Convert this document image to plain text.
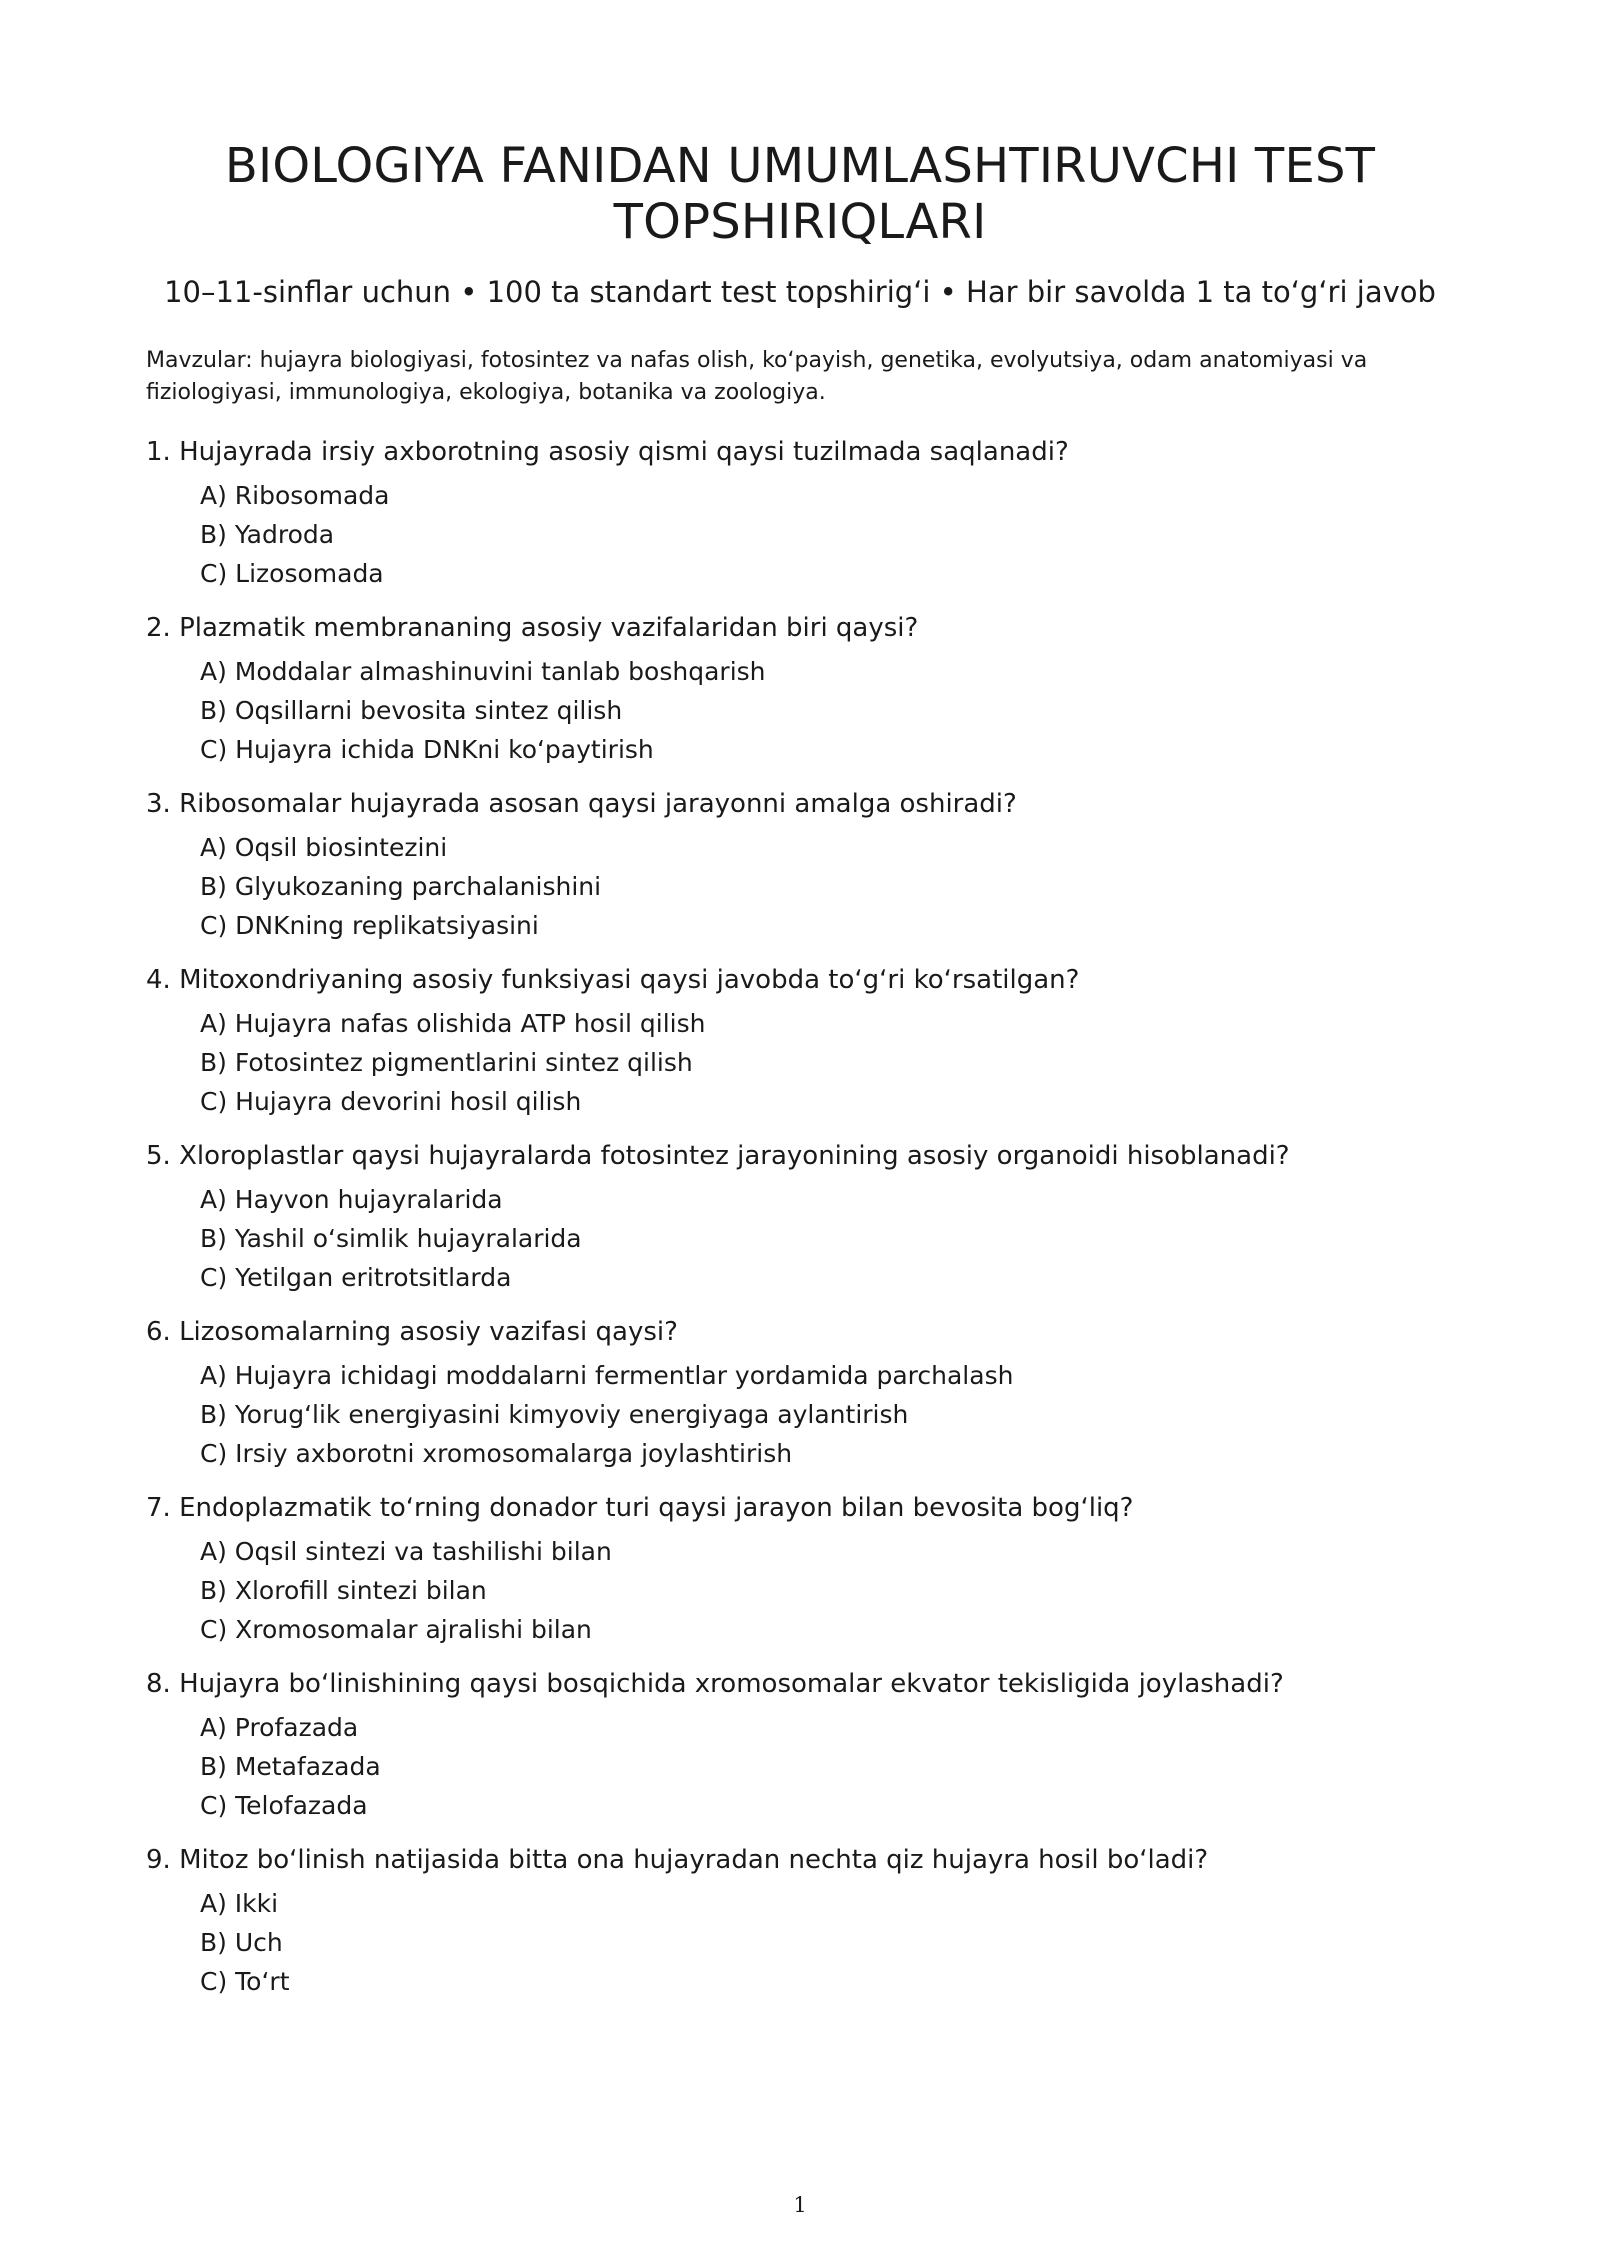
BIOLOGIYA FANIDAN UMUMLASHTIRUVCHI TEST TOPSHIRIQLARI

10–11-sinflar uchun • 100 ta standart test topshirigʻi • Har bir savolda 1 ta toʻgʻri javob

Mavzular: hujayra biologiyasi, fotosintez va nafas olish, koʻpayish, genetika, evolyutsiya, odam anatomiyasi va fiziologiyasi, immunologiya, ekologiya, botanika va zoologiya.

1. Hujayrada irsiy axborotning asosiy qismi qaysi tuzilmada saqlanadi?
A) Ribosomada
B) Yadroda
C) Lizosomada
2. Plazmatik membrananing asosiy vazifalaridan biri qaysi?
A) Moddalar almashinuvini tanlab boshqarish
B) Oqsillarni bevosita sintez qilish
C) Hujayra ichida DNKni koʻpaytirish
3. Ribosomalar hujayrada asosan qaysi jarayonni amalga oshiradi?
A) Oqsil biosintezini
B) Glyukozaning parchalanishini
C) DNKning replikatsiyasini
4. Mitoxondriyaning asosiy funksiyasi qaysi javobda toʻgʻri koʻrsatilgan?
A) Hujayra nafas olishida ATP hosil qilish
B) Fotosintez pigmentlarini sintez qilish
C) Hujayra devorini hosil qilish
5. Xloroplastlar qaysi hujayralarda fotosintez jarayonining asosiy organoidi hisoblanadi?
A) Hayvon hujayralarida
B) Yashil oʻsimlik hujayralarida
C) Yetilgan eritrotsitlarda
6. Lizosomalarning asosiy vazifasi qaysi?
A) Hujayra ichidagi moddalarni fermentlar yordamida parchalash
B) Yorugʻlik energiyasini kimyoviy energiyaga aylantirish
C) Irsiy axborotni xromosomalarga joylashtirish
7. Endoplazmatik toʻrning donador turi qaysi jarayon bilan bevosita bogʻliq?
A) Oqsil sintezi va tashilishi bilan
B) Xlorofill sintezi bilan
C) Xromosomalar ajralishi bilan
8. Hujayra boʻlinishining qaysi bosqichida xromosomalar ekvator tekisligida joylashadi?
A) Profazada
B) Metafazada
C) Telofazada
9. Mitoz boʻlinish natijasida bitta ona hujayradan nechta qiz hujayra hosil boʻladi?
A) Ikki
B) Uch
C) Toʻrt
1
